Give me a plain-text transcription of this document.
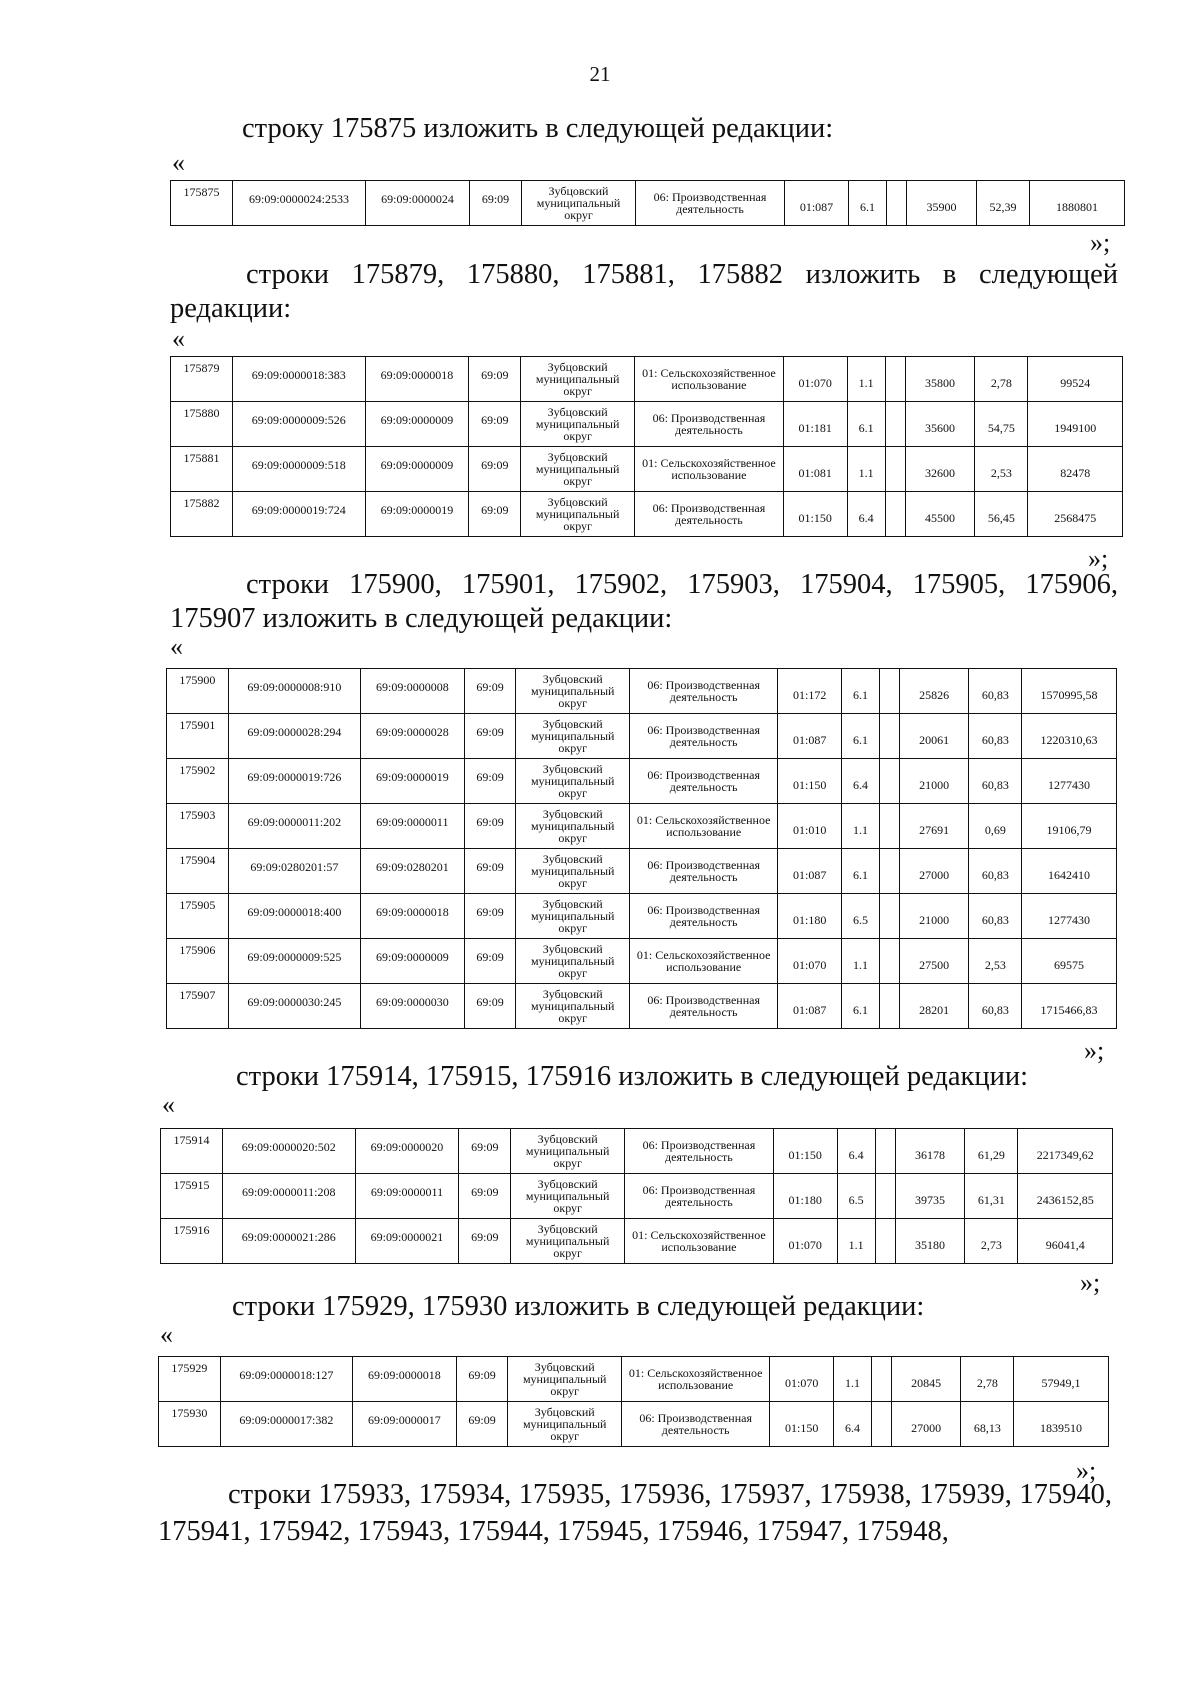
21
строку 175875 изложить в следующей редакции:
«
175875	69:09:0000024:2533	69:09:0000024	69:09	Зубцовский муниципальный округ	06: Производственная деятельность	01:087	6.1		35900	52,39	1880801
»;
строки 175879, 175880, 175881, 175882 изложить в следующей редакции:
«
175879	69:09:0000018:383	69:09:0000018	69:09	Зубцовский муниципальный округ	01: Сельскохозяйственное использование	01:070	1.1		35800	2,78	99524
175880	69:09:0000009:526	69:09:0000009	69:09	Зубцовский муниципальный округ	06: Производственная деятельность	01:181	6.1		35600	54,75	1949100
175881	69:09:0000009:518	69:09:0000009	69:09	Зубцовский муниципальный округ	01: Сельскохозяйственное использование	01:081	1.1		32600	2,53	82478
175882	69:09:0000019:724	69:09:0000019	69:09	Зубцовский муниципальный округ	06: Производственная деятельность	01:150	6.4		45500	56,45	2568475
»;
строки 175900, 175901, 175902, 175903, 175904, 175905, 175906, 175907 изложить в следующей редакции:
«
175900	69:09:0000008:910	69:09:0000008	69:09	Зубцовский муниципальный округ	06: Производственная деятельность	01:172	6.1		25826	60,83	1570995,58
175901	69:09:0000028:294	69:09:0000028	69:09	Зубцовский муниципальный округ	06: Производственная деятельность	01:087	6.1		20061	60,83	1220310,63
175902	69:09:0000019:726	69:09:0000019	69:09	Зубцовский муниципальный округ	06: Производственная деятельность	01:150	6.4		21000	60,83	1277430
175903	69:09:0000011:202	69:09:0000011	69:09	Зубцовский муниципальный округ	01: Сельскохозяйственное использование	01:010	1.1		27691	0,69	19106,79
175904	69:09:0280201:57	69:09:0280201	69:09	Зубцовский муниципальный округ	06: Производственная деятельность	01:087	6.1		27000	60,83	1642410
175905	69:09:0000018:400	69:09:0000018	69:09	Зубцовский муниципальный округ	06: Производственная деятельность	01:180	6.5		21000	60,83	1277430
175906	69:09:0000009:525	69:09:0000009	69:09	Зубцовский муниципальный округ	01: Сельскохозяйственное использование	01:070	1.1		27500	2,53	69575
175907	69:09:0000030:245	69:09:0000030	69:09	Зубцовский муниципальный округ	06: Производственная деятельность	01:087	6.1		28201	60,83	1715466,83
»;
строки 175914, 175915, 175916 изложить в следующей редакции:
«
175914	69:09:0000020:502	69:09:0000020	69:09	Зубцовский муниципальный округ	06: Производственная деятельность	01:150	6.4		36178	61,29	2217349,62
175915	69:09:0000011:208	69:09:0000011	69:09	Зубцовский муниципальный округ	06: Производственная деятельность	01:180	6.5		39735	61,31	2436152,85
175916	69:09:0000021:286	69:09:0000021	69:09	Зубцовский муниципальный округ	01: Сельскохозяйственное использование	01:070	1.1		35180	2,73	96041,4
»;
строки 175929, 175930 изложить в следующей редакции:
«
175929	69:09:0000018:127	69:09:0000018	69:09	Зубцовский муниципальный округ	01: Сельскохозяйственное использование	01:070	1.1		20845	2,78	57949,1
175930	69:09:0000017:382	69:09:0000017	69:09	Зубцовский муниципальный округ	06: Производственная деятельность	01:150	6.4		27000	68,13	1839510
»;
строки 175933, 175934, 175935, 175936, 175937, 175938, 175939, 175940, 175941, 175942, 175943, 175944, 175945, 175946, 175947, 175948,
